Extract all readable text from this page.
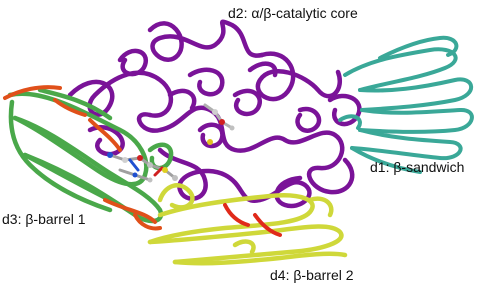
d2: α/β-catalytic core
d1: β-sandwich
d3: β-barrel 1
d4: β-barrel 2
